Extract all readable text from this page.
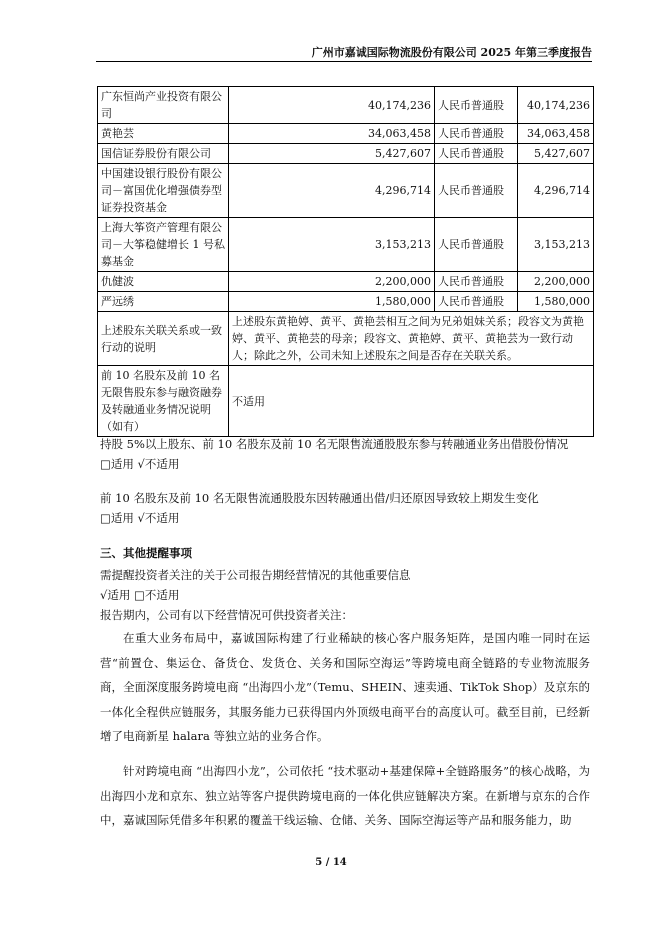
广州市嘉诚国际物流股份有限公司 2025 年第三季度报告
广东恒尚产业投资有限公司	40,174,236	人民币普通股	40,174,236
黄艳芸	34,063,458	人民币普通股	34,063,458
国信证券股份有限公司	5,427,607	人民币普通股	5,427,607
中国建设银行股份有限公司－富国优化增强债券型证券投资基金	4,296,714	人民币普通股	4,296,714
上海大筝资产管理有限公司－大筝稳健增长 1 号私募基金	3,153,213	人民币普通股	3,153,213
仇健波	2,200,000	人民币普通股	2,200,000
严远绣	1,580,000	人民币普通股	1,580,000
上述股东关联关系或一致行动的说明	上述股东黄艳婷、黄平、黄艳芸相互之间为兄弟姐妹关系；段容文为黄艳婷、黄平、黄艳芸的母亲；段容文、黄艳婷、黄平、黄艳芸为一致行动人；除此之外，公司未知上述股东之间是否存在关联关系。		
前 10 名股东及前 10 名无限售股东参与融资融券及转融通业务情况说明（如有）	不适用		
持股 5%以上股东、前 10 名股东及前 10 名无限售流通股股东参与转融通业务出借股份情况
□适用 √不适用
前 10 名股东及前 10 名无限售流通股股东因转融通出借/归还原因导致较上期发生变化
□适用 √不适用
三、其他提醒事项
需提醒投资者关注的关于公司报告期经营情况的其他重要信息
√适用 □不适用
报告期内，公司有以下经营情况可供投资者关注：
在重大业务布局中，嘉诚国际构建了行业稀缺的核心客户服务矩阵，是国内唯一同时在运营“前置仓、集运仓、备货仓、发货仓、关务和国际空海运”等跨境电商全链路的专业物流服务商，全面深度服务跨境电商 “出海四小龙”（Temu、SHEIN、速卖通、TikTok Shop）及京东的一体化全程供应链服务，其服务能力已获得国内外顶级电商平台的高度认可。截至目前，已经新增了电商新星 halara 等独立站的业务合作。
针对跨境电商 “出海四小龙”，公司依托 “技术驱动+基建保障+全链路服务”的核心战略，为出海四小龙和京东、独立站等客户提供跨境电商的一体化供应链解决方案。在新增与京东的合作中，嘉诚国际凭借多年积累的覆盖干线运输、仓储、关务、国际空海运等产品和服务能力，助
5 / 14
